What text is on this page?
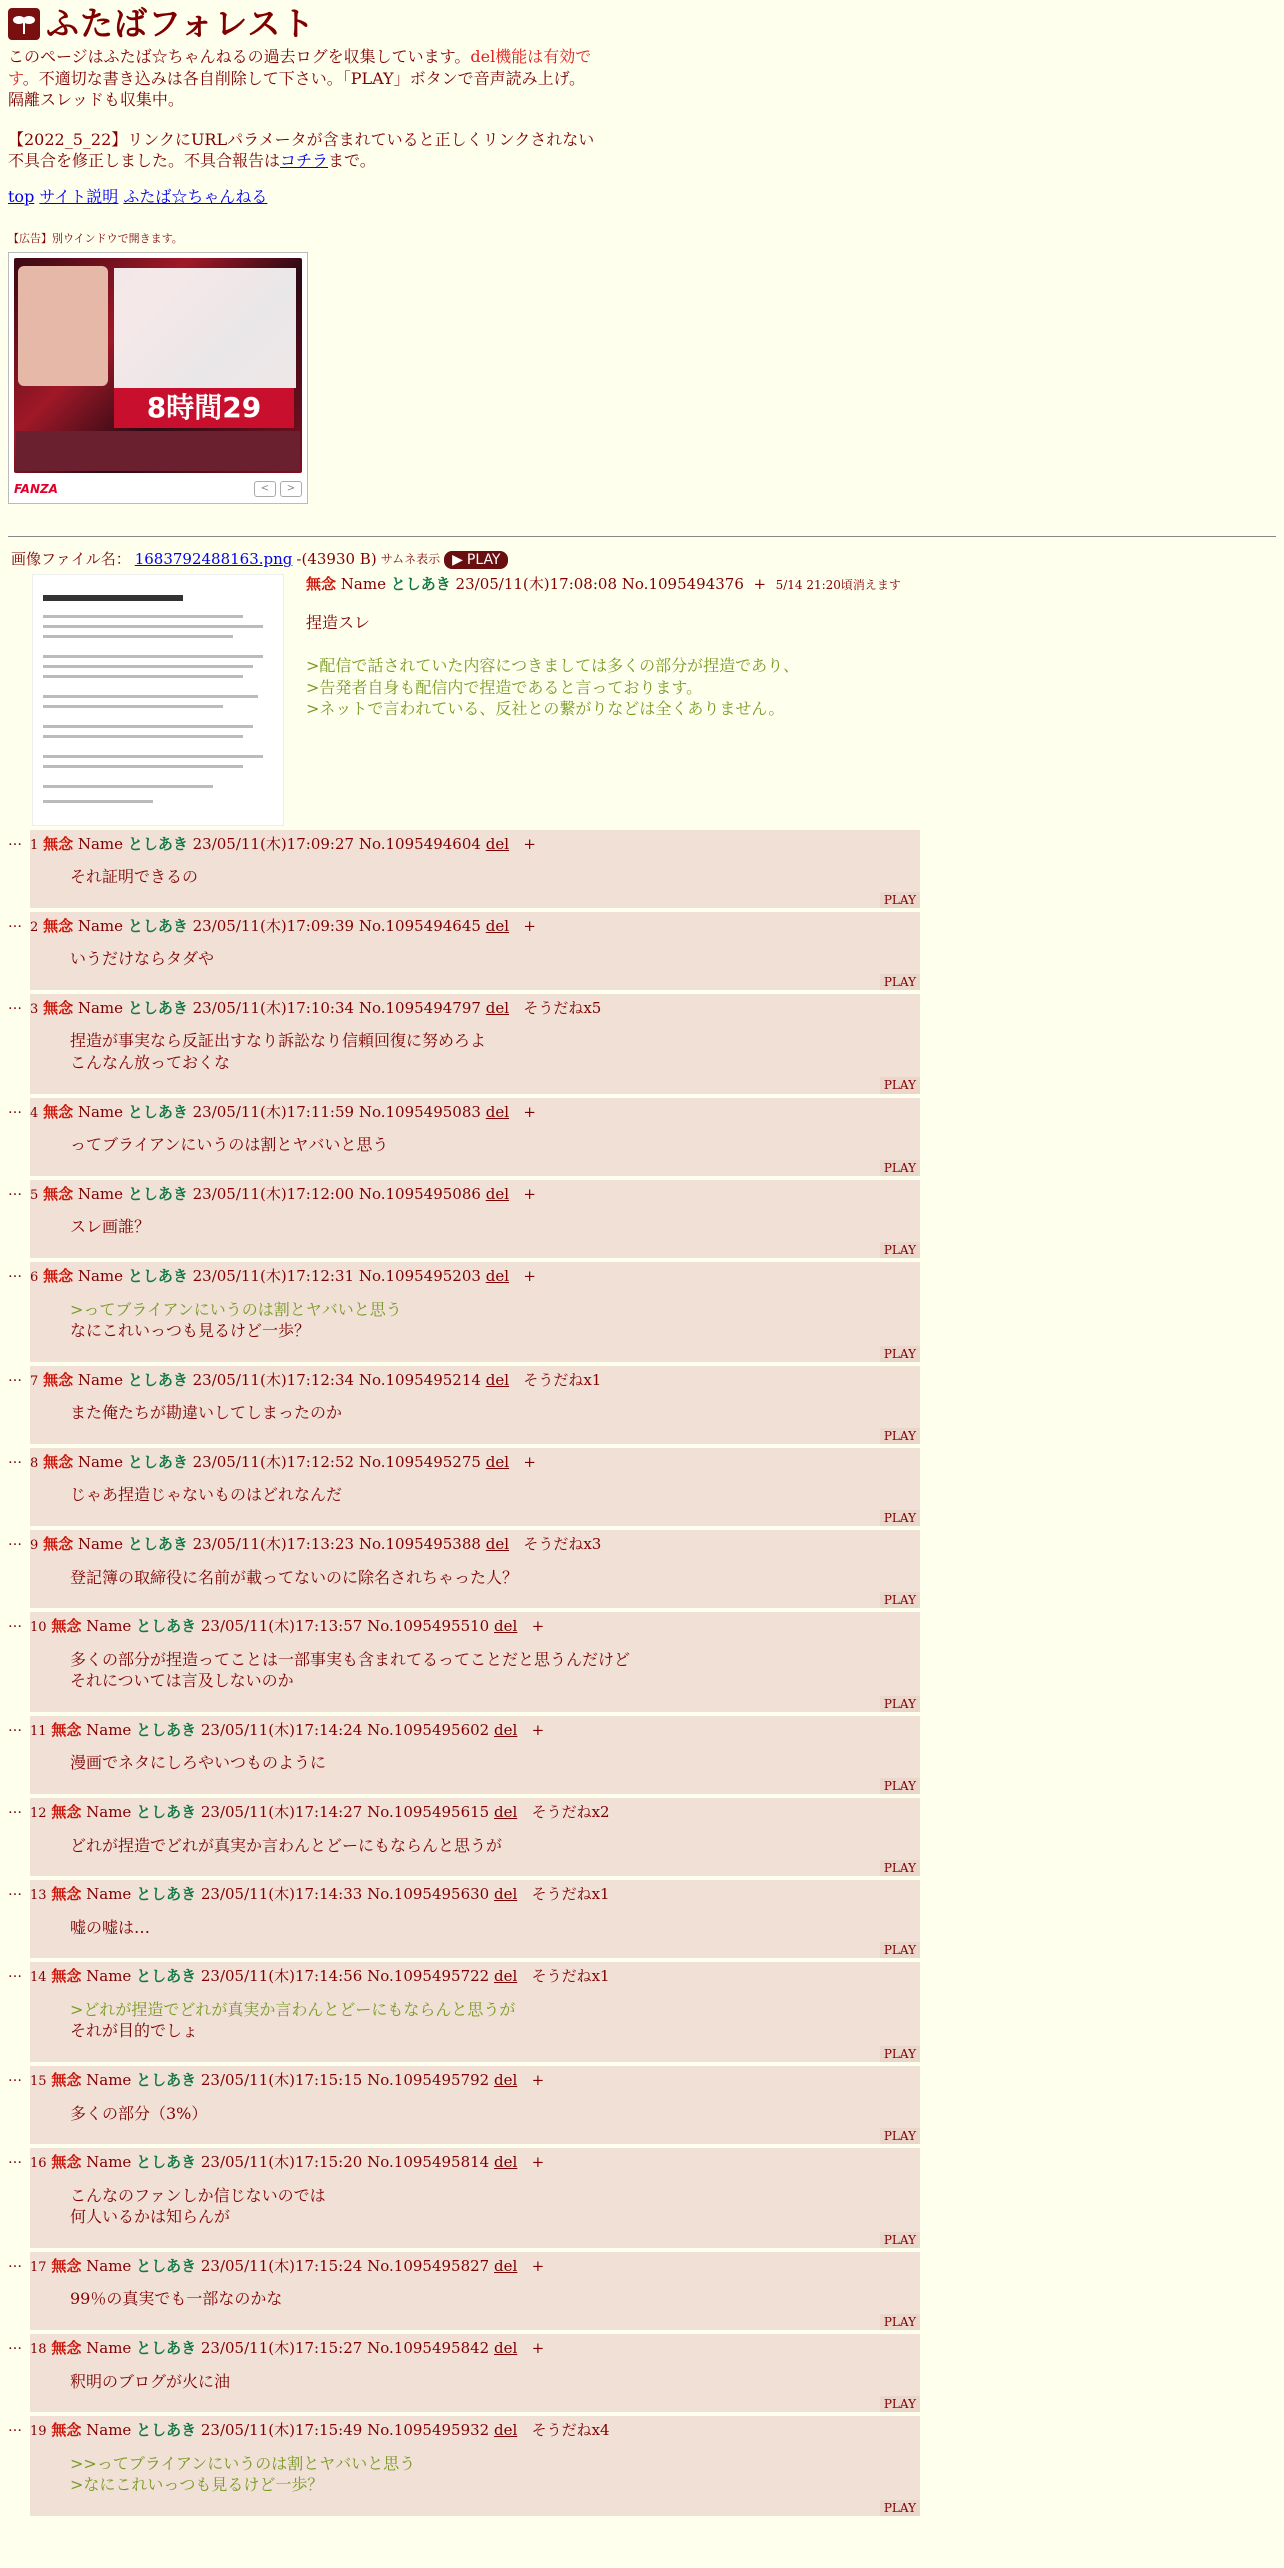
ふたばフォレスト
このページはふたば☆ちゃんねるの過去ログを収集しています。del機能は有効です。不適切な書き込みは各自削除して下さい。「PLAY」ボタンで音声読み上げ。隔離スレッドも収集中。
【2022_5_22】リンクにURLパラメータが含まれていると正しくリンクされない不具合を修正しました。不具合報告はコチラまで。
top サイト説明 ふたば☆ちゃんねる
【広告】別ウインドウで開きます。
8時間29
FANZA	<	>
画像ファイル名： 1683792488163.png -(43930 B) サムネ表示 ▶ PLAY
無念 Name としあき 23/05/11(木)17:08:08 No.1095494376 + 5/14 21:20頃消えます
捏造スレ

>配信で話されていた内容につきましては多くの部分が捏造であり、
>告発者自身も配信内で捏造であると言っております。
>ネットで言われている、反社との繋がりなどは全くありません。
… 1 無念 Name としあき 23/05/11(木)17:09:27 No.1095494604 del +
それ証明できるの
PLAY
… 2 無念 Name としあき 23/05/11(木)17:09:39 No.1095494645 del +
いうだけならタダや
PLAY
… 3 無念 Name としあき 23/05/11(木)17:10:34 No.1095494797 del そうだねx5
捏造が事実なら反証出すなり訴訟なり信頼回復に努めろよ
こんなん放っておくな
PLAY
… 4 無念 Name としあき 23/05/11(木)17:11:59 No.1095495083 del +
ってブライアンにいうのは割とヤバいと思う
PLAY
… 5 無念 Name としあき 23/05/11(木)17:12:00 No.1095495086 del +
スレ画誰？
PLAY
… 6 無念 Name としあき 23/05/11(木)17:12:31 No.1095495203 del +
>ってブライアンにいうのは割とヤバいと思う
なにこれいっつも見るけど一歩？
PLAY
… 7 無念 Name としあき 23/05/11(木)17:12:34 No.1095495214 del そうだねx1
また俺たちが勘違いしてしまったのか
PLAY
… 8 無念 Name としあき 23/05/11(木)17:12:52 No.1095495275 del +
じゃあ捏造じゃないものはどれなんだ
PLAY
… 9 無念 Name としあき 23/05/11(木)17:13:23 No.1095495388 del そうだねx3
登記簿の取締役に名前が載ってないのに除名されちゃった人？
PLAY
… 10 無念 Name としあき 23/05/11(木)17:13:57 No.1095495510 del +
多くの部分が捏造ってことは一部事実も含まれてるってことだと思うんだけど
それについては言及しないのか
PLAY
… 11 無念 Name としあき 23/05/11(木)17:14:24 No.1095495602 del +
漫画でネタにしろやいつものように
PLAY
… 12 無念 Name としあき 23/05/11(木)17:14:27 No.1095495615 del そうだねx2
どれが捏造でどれが真実か言わんとどーにもならんと思うが
PLAY
… 13 無念 Name としあき 23/05/11(木)17:14:33 No.1095495630 del そうだねx1
嘘の嘘は…
PLAY
… 14 無念 Name としあき 23/05/11(木)17:14:56 No.1095495722 del そうだねx1
>どれが捏造でどれが真実か言わんとどーにもならんと思うが
それが目的でしょ
PLAY
… 15 無念 Name としあき 23/05/11(木)17:15:15 No.1095495792 del +
多くの部分（3%）
PLAY
… 16 無念 Name としあき 23/05/11(木)17:15:20 No.1095495814 del +
こんなのファンしか信じないのでは
何人いるかは知らんが
PLAY
… 17 無念 Name としあき 23/05/11(木)17:15:24 No.1095495827 del +
99％の真実でも一部なのかな
PLAY
… 18 無念 Name としあき 23/05/11(木)17:15:27 No.1095495842 del +
釈明のブログが火に油
PLAY
… 19 無念 Name としあき 23/05/11(木)17:15:49 No.1095495932 del そうだねx4
>>ってブライアンにいうのは割とヤバいと思う
>なにこれいっつも見るけど一歩？
PLAY
